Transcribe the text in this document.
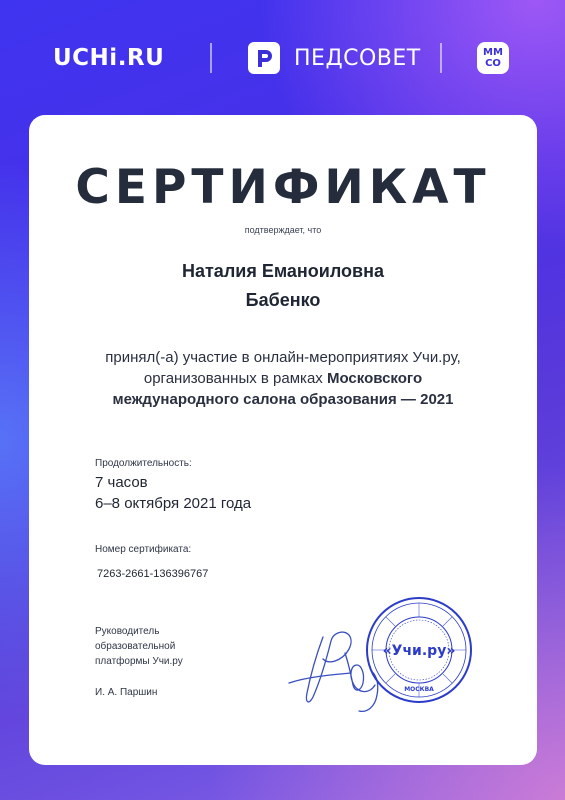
UCHi.RU	ПЕДСОВЕТ	ММ
СО
СЕРТИФИКАТ
подтверждает, что
Наталия Еманоиловна
Бабенко
принял(-а) участие в онлайн-мероприятиях Учи.ру,
организованных в рамках Московского
международного салона образования — 2021
Продолжительность:
7 часов
6–8 октября 2021 года
Номер сертификата:
7263-2661-136396767
Руководитель образовательной платформы Учи.ру
И. А. Паршин
«Учи.ру»
МОСКВА
